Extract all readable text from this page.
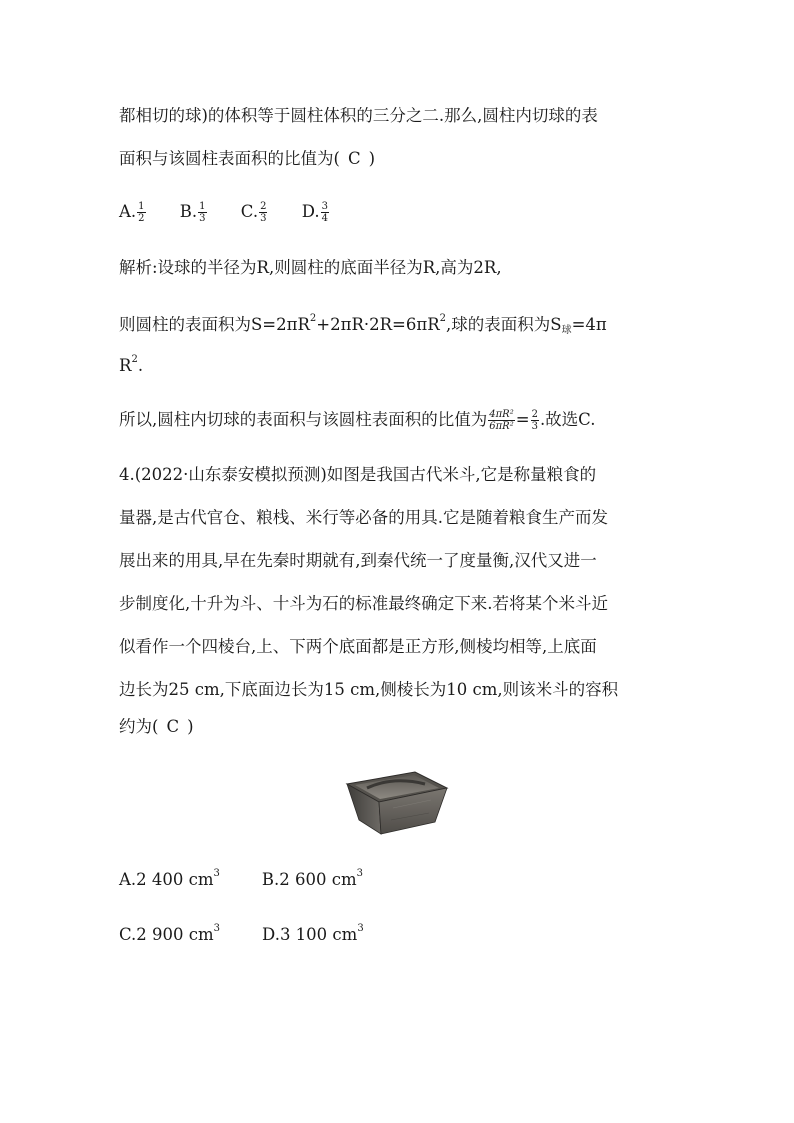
都相切的球)的体积等于圆柱体积的三分之二.那么,圆柱内切球的表

面积与该圆柱表面积的比值为( C )

A. $\frac{1}{2} B$. $\frac{1}{3} C$. $\frac{2}{3} D$. $\frac{3}{4}$

解析:设球的半径为R,则圆柱的底面半径为R,高为2R,

则圆柱的表面积为$S=2\pi R^2+2\pi R\cdot 2R=6\pi R^2$,球的表面积为$S_球=4\pi$

$R^2$.

所以,圆柱内切球的表面积与该圆柱表面积的比值为 $\frac{\text{4πR²}}{\text{6πR²}} = \frac{2}{3}$ .故选C.

4.(2022·山东泰安模拟预测)如图是我国古代米斗,它是称量粮食的

量器,是古代官仓、粮栈、米行等必备的用具.它是随着粮食生产而发

展出来的用具,早在先秦时期就有,到秦代统一了度量衡,汉代又进一

步制度化,十升为斗、十斗为石的标准最终确定下来.若将某个米斗近

似看作一个四棱台,上、下两个底面都是正方形,侧棱均相等,上底面

边长为25 cm,下底面边长为15 cm,侧棱长为10 cm,则该米斗的容积

约为( C )

A.2 400 $cm^3$	B.2 600 $cm^3$

C.2 900 $cm^3$	D.3 100 $cm^3$
